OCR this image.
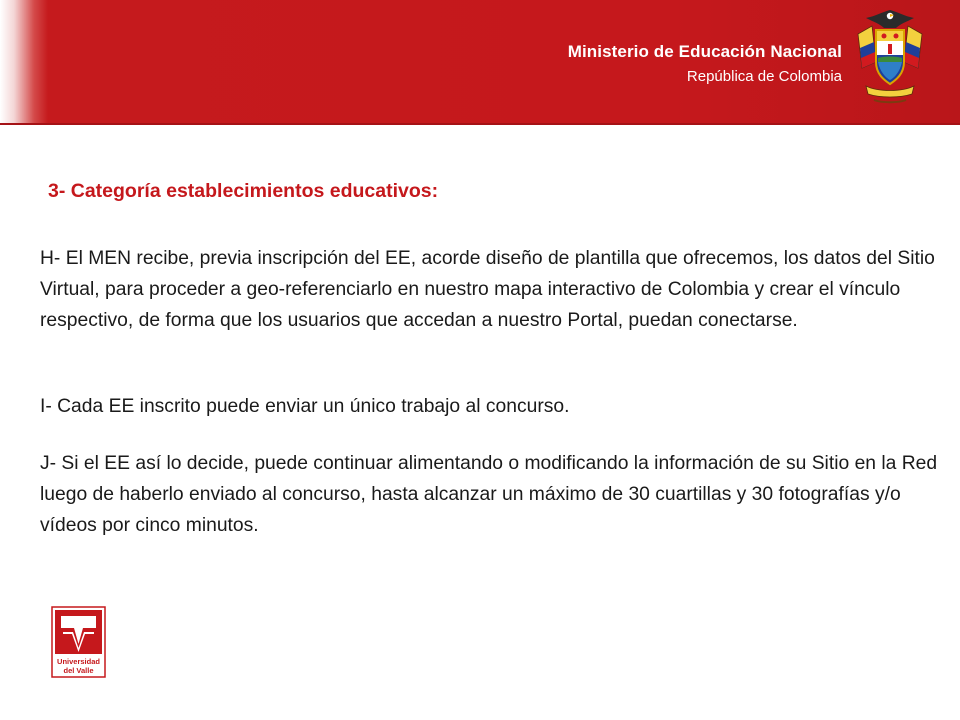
Ministerio de Educación Nacional
República de Colombia
3- Categoría establecimientos educativos:

H- El MEN recibe, previa inscripción del EE, acorde diseño de plantilla que ofrecemos, los datos del Sitio Virtual, para proceder a geo-referenciarlo en nuestro mapa interactivo de Colombia y crear el vínculo respectivo, de forma que los usuarios que accedan a nuestro Portal, puedan conectarse.

I- Cada EE inscrito puede enviar un único trabajo al concurso.

J- Si el EE así lo decide, puede continuar alimentando o modificando la información de su Sitio en la Red luego de haberlo enviado al concurso, hasta alcanzar un máximo de 30 cuartillas y 30 fotografías y/o vídeos por cinco minutos.

Universidad
del Valle
